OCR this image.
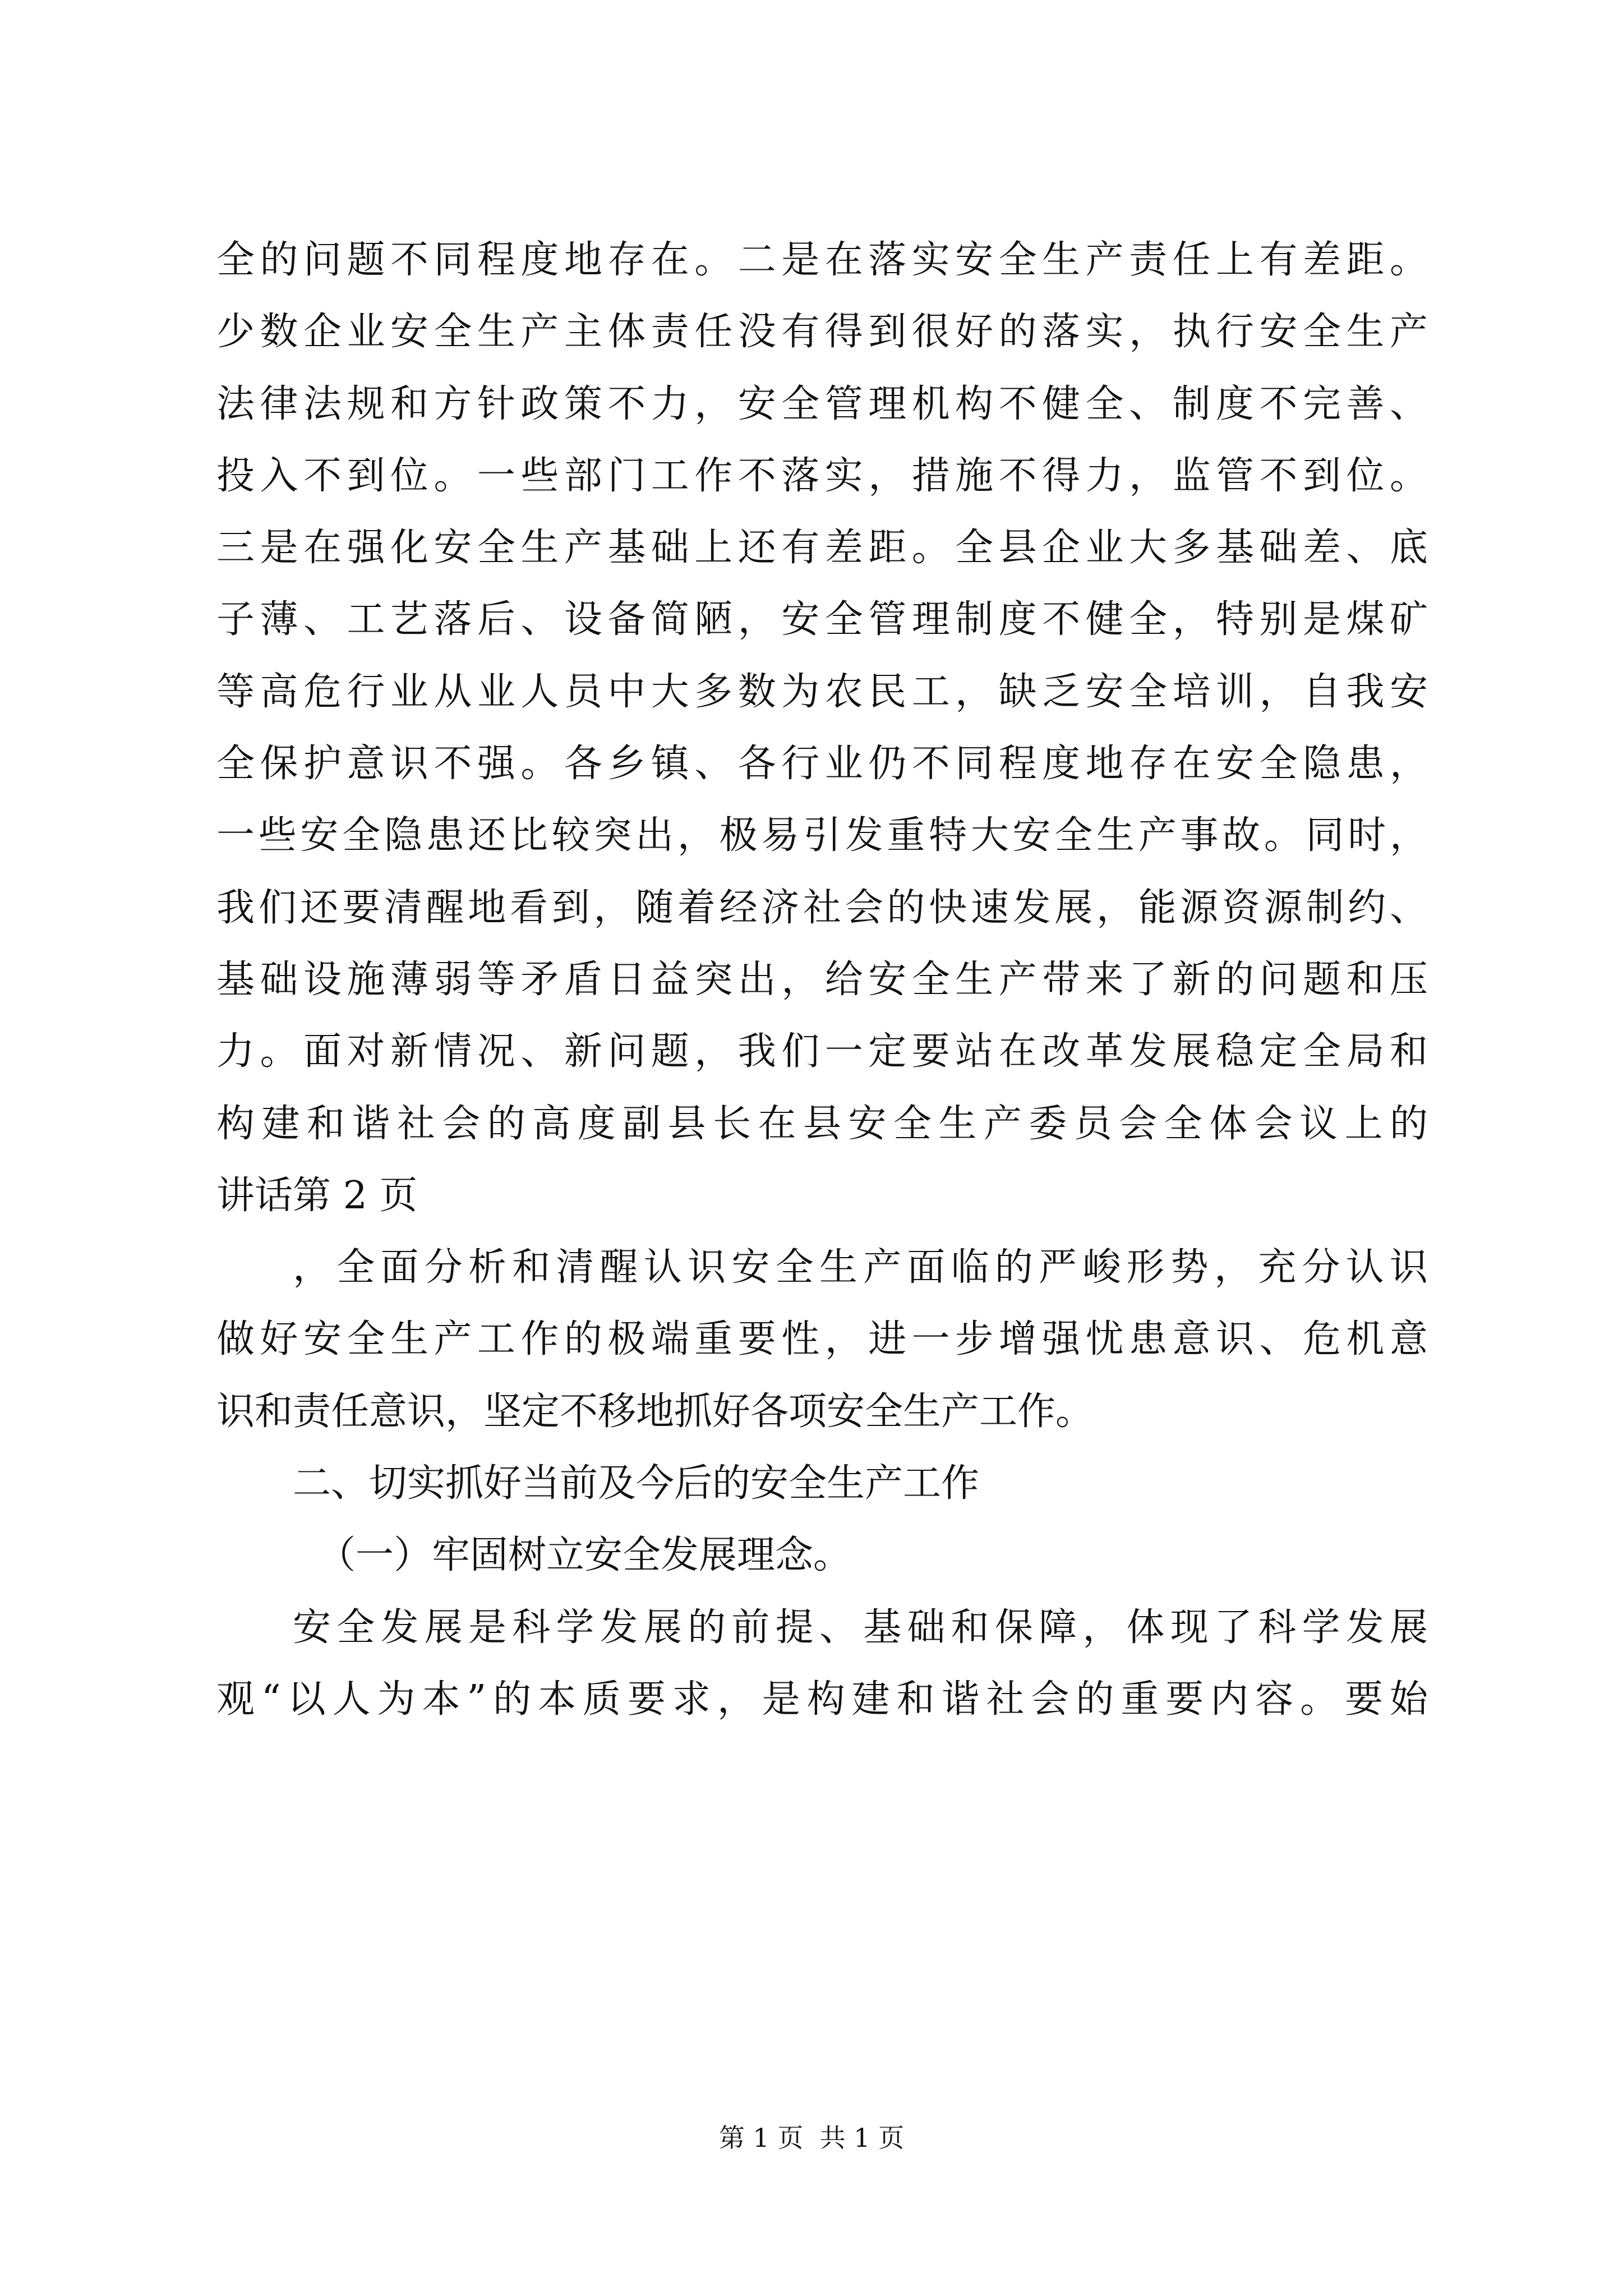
全的问题不同程度地存在。二是在落实安全生产责任上有差距。
少数企业安全生产主体责任没有得到很好的落实，执行安全生产
法律法规和方针政策不力，安全管理机构不健全、制度不完善、
投入不到位。一些部门工作不落实，措施不得力，监管不到位。
三是在强化安全生产基础上还有差距。全县企业大多基础差、底
子薄、工艺落后、设备简陋，安全管理制度不健全，特别是煤矿
等高危行业从业人员中大多数为农民工，缺乏安全培训，自我安
全保护意识不强。各乡镇、各行业仍不同程度地存在安全隐患，
一些安全隐患还比较突出，极易引发重特大安全生产事故。同时，
我们还要清醒地看到，随着经济社会的快速发展，能源资源制约、
基础设施薄弱等矛盾日益突出，给安全生产带来了新的问题和压
力。面对新情况、新问题，我们一定要站在改革发展稳定全局和
构建和谐社会的高度副县长在县安全生产委员会全体会议上的
讲话第 2 页
，全面分析和清醒认识安全生产面临的严峻形势，充分认识
做好安全生产工作的极端重要性，进一步增强忧患意识、危机意
识和责任意识，坚定不移地抓好各项安全生产工作。
二、切实抓好当前及今后的安全生产工作
（一）牢固树立安全发展理念。
安全发展是科学发展的前提、基础和保障，体现了科学发展
观“以人为本”的本质要求，是构建和谐社会的重要内容。要始
第 1 页  共 1 页
